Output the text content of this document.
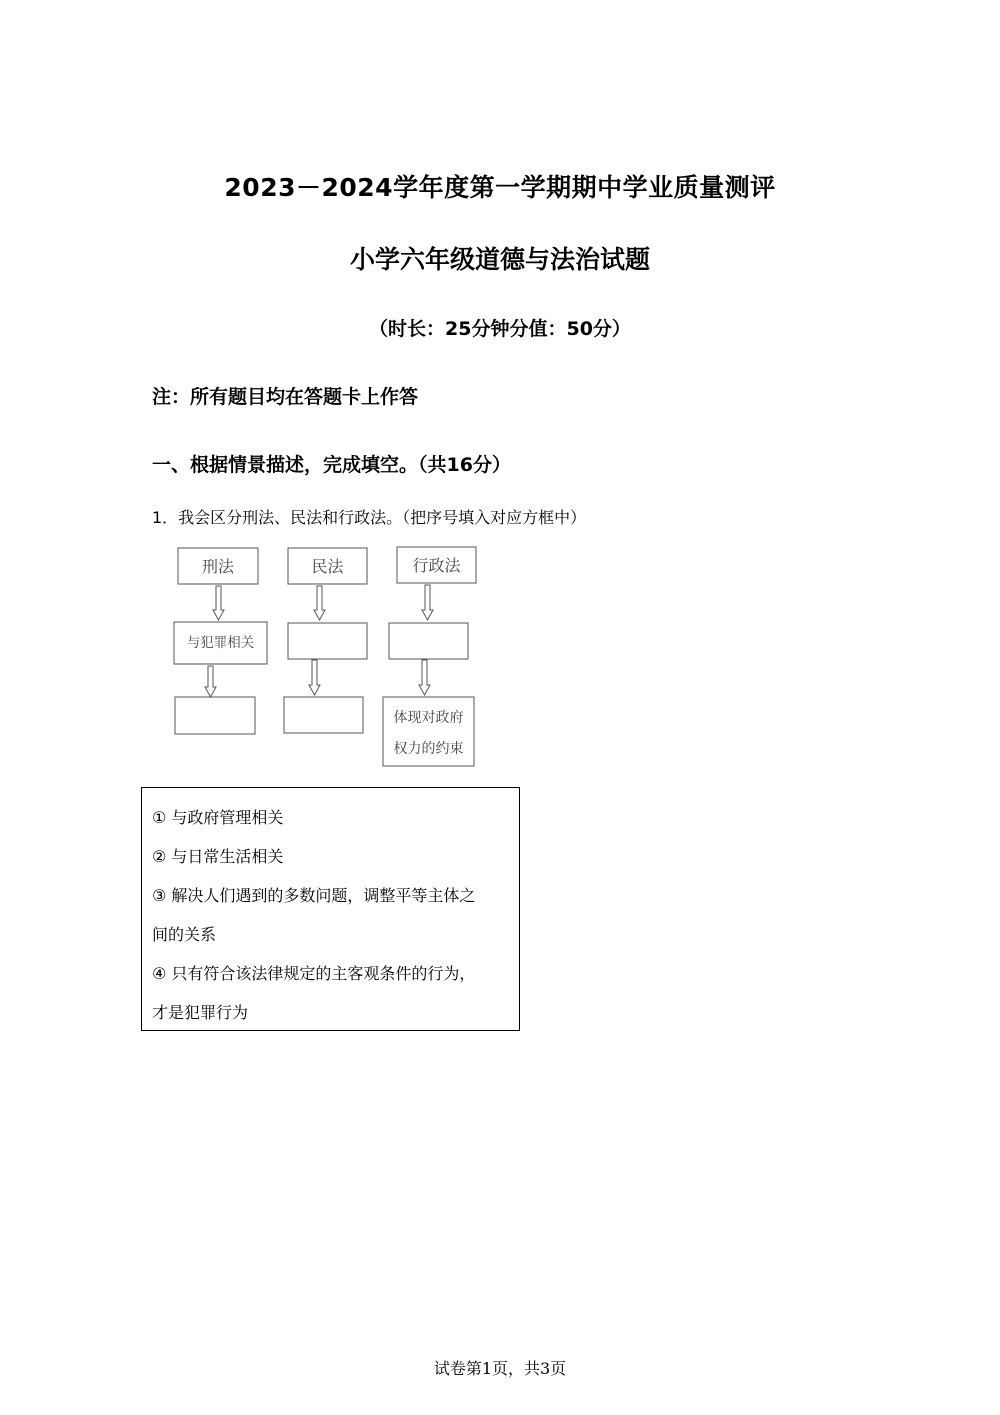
2023－2024学年度第一学期期中学业质量测评
小学六年级道德与法治试题
（时长：25分钟分值：50分）
注：所有题目均在答题卡上作答
一、根据情景描述，完成填空。（共16分）
1．我会区分刑法、民法和行政法。（把序号填入对应方框中）
刑法
与犯罪相关
民法	行政法
体现对政府
权力的约束
① 与政府管理相关
② 与日常生活相关
③ 解决人们遇到的多数问题，调整平等主体之
间的关系
④ 只有符合该法律规定的主客观条件的行为，
才是犯罪行为
试卷第1页，共3页
